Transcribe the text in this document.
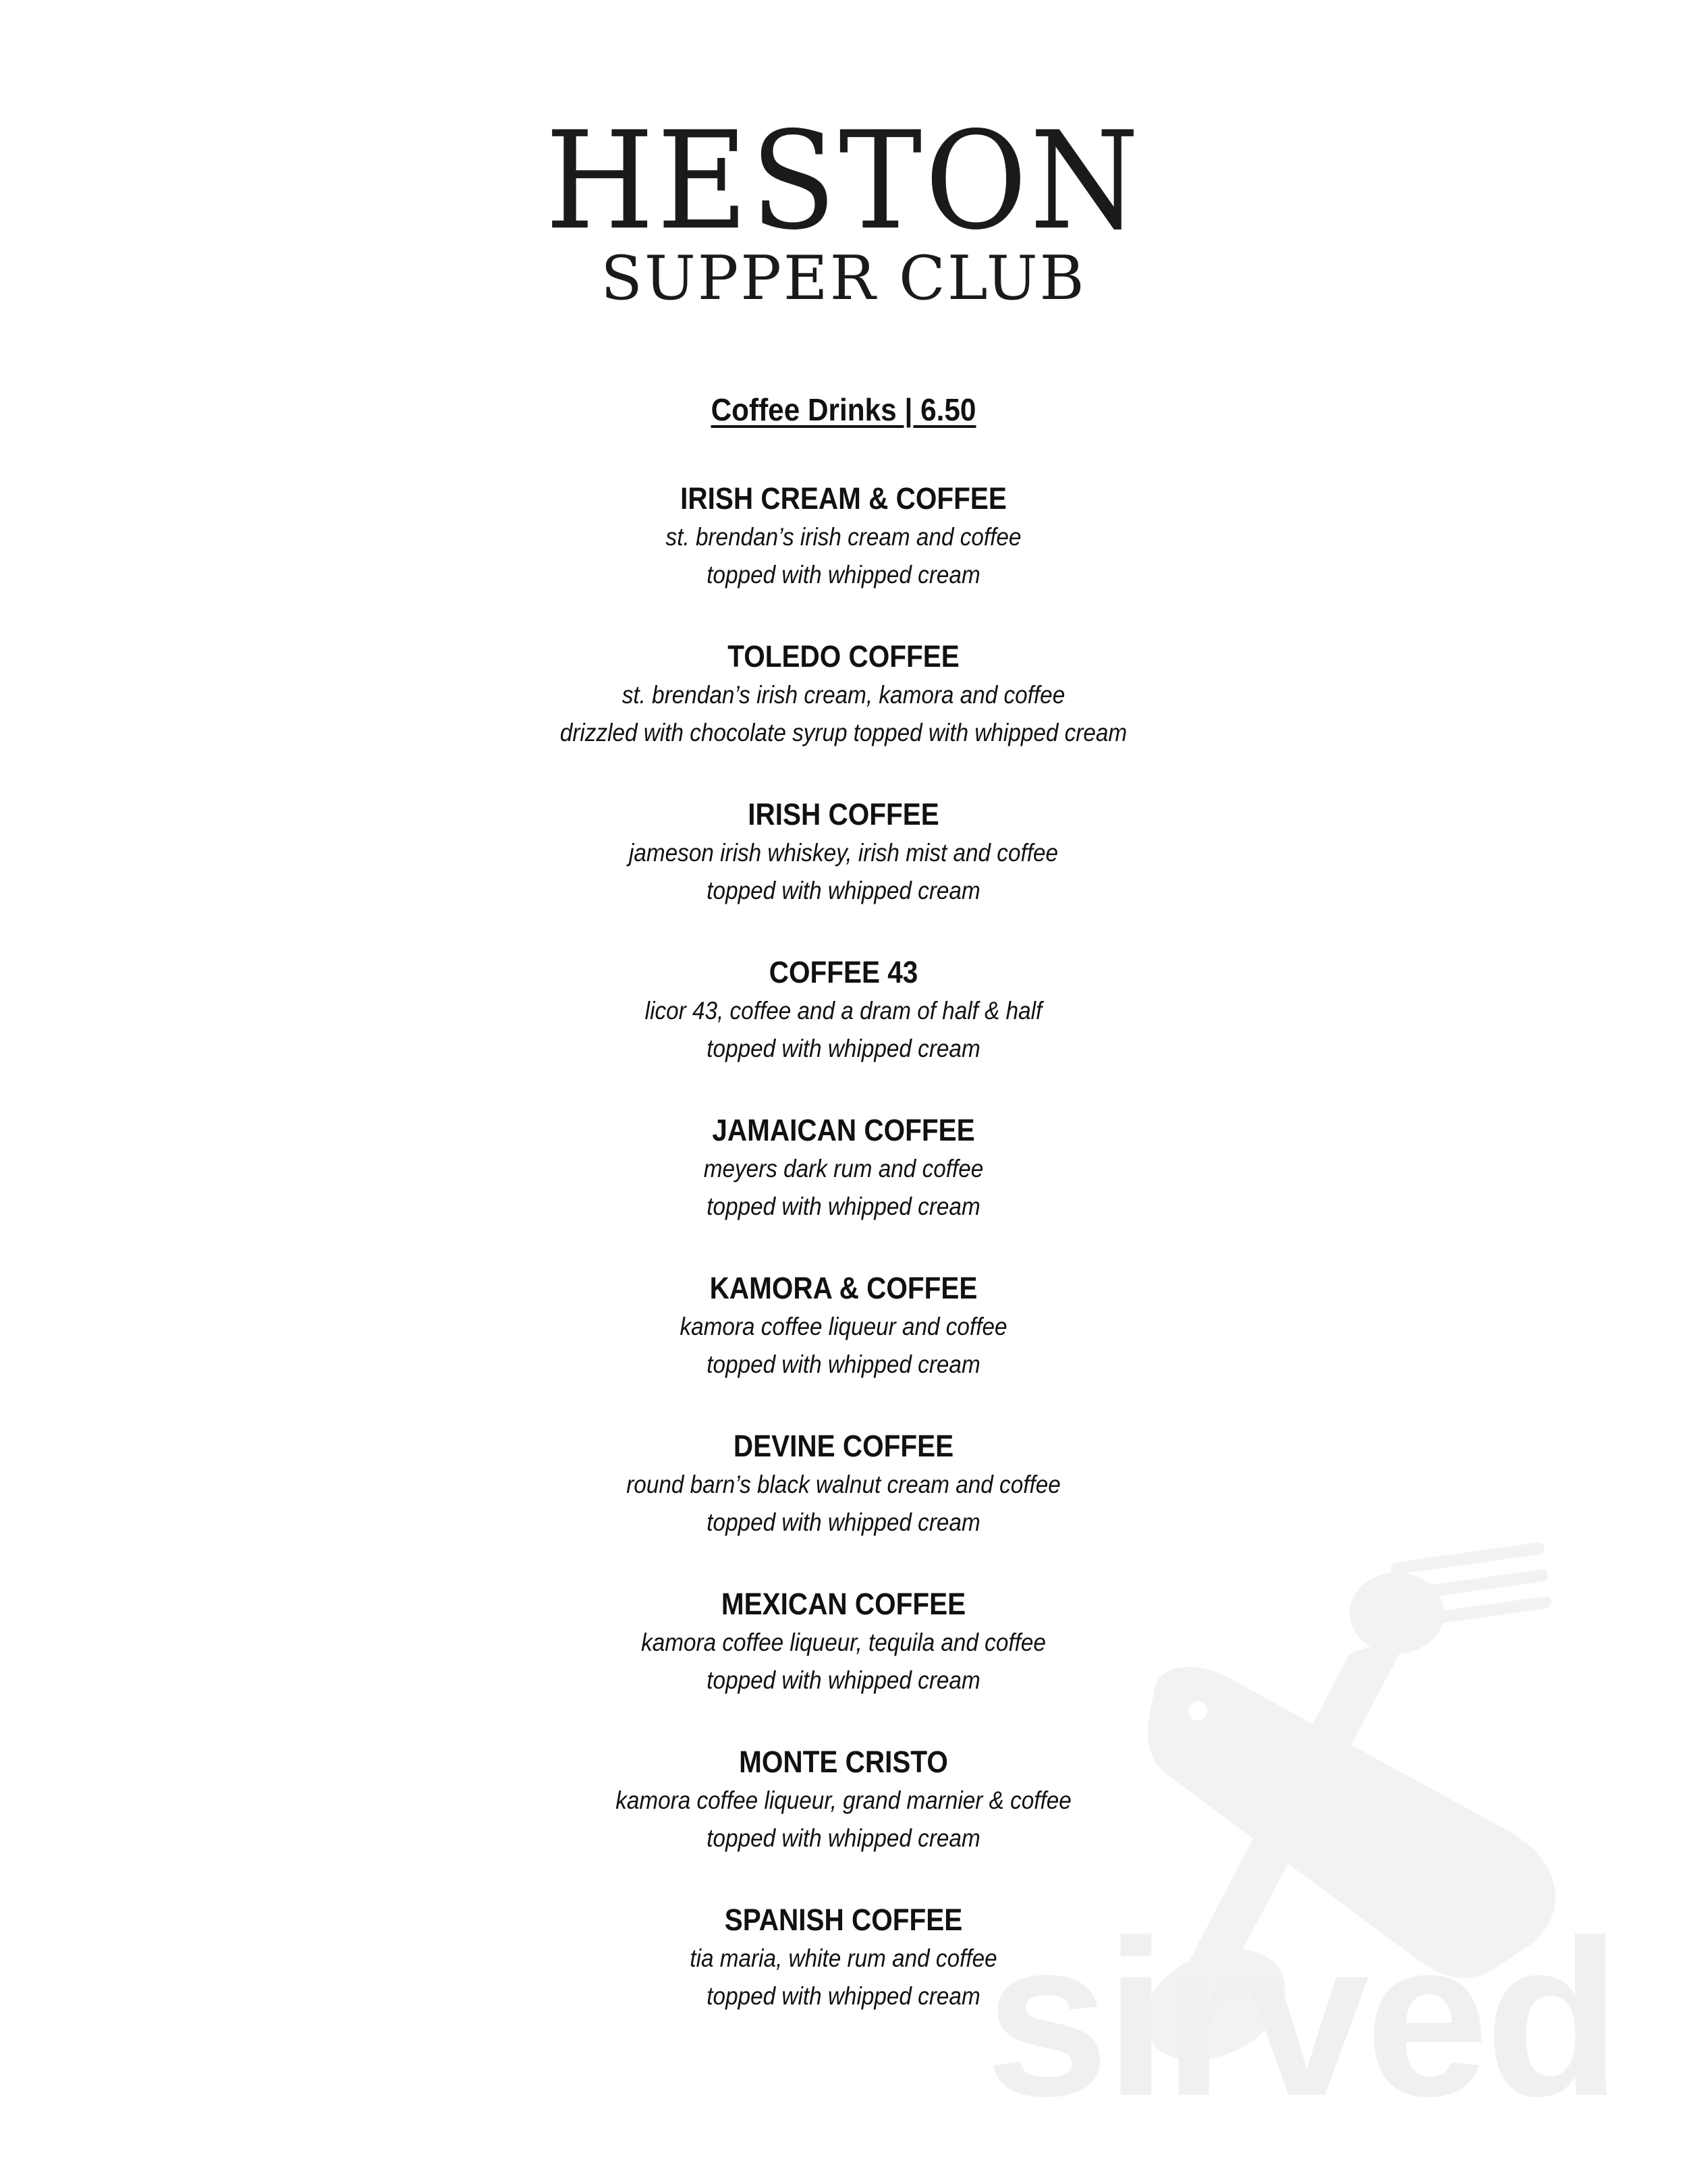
HESTON
SUPPER CLUB
Coffee Drinks | 6.50
IRISH CREAM & COFFEE
st. brendan’s irish cream and coffee
topped with whipped cream
TOLEDO COFFEE
st. brendan’s irish cream, kamora and coffee
drizzled with chocolate syrup topped with whipped cream
IRISH COFFEE
jameson irish whiskey, irish mist and coffee
topped with whipped cream
COFFEE 43
licor 43, coffee and a dram of half & half
topped with whipped cream
JAMAICAN COFFEE
meyers dark rum and coffee
topped with whipped cream
KAMORA & COFFEE
kamora coffee liqueur and coffee
topped with whipped cream
DEVINE COFFEE
round barn’s black walnut cream and coffee
topped with whipped cream
MEXICAN COFFEE
kamora coffee liqueur, tequila and coffee
topped with whipped cream
MONTE CRISTO
kamora coffee liqueur, grand marnier & coffee
topped with whipped cream
SPANISH COFFEE
tia maria, white rum and coffee
topped with whipped cream sirved
